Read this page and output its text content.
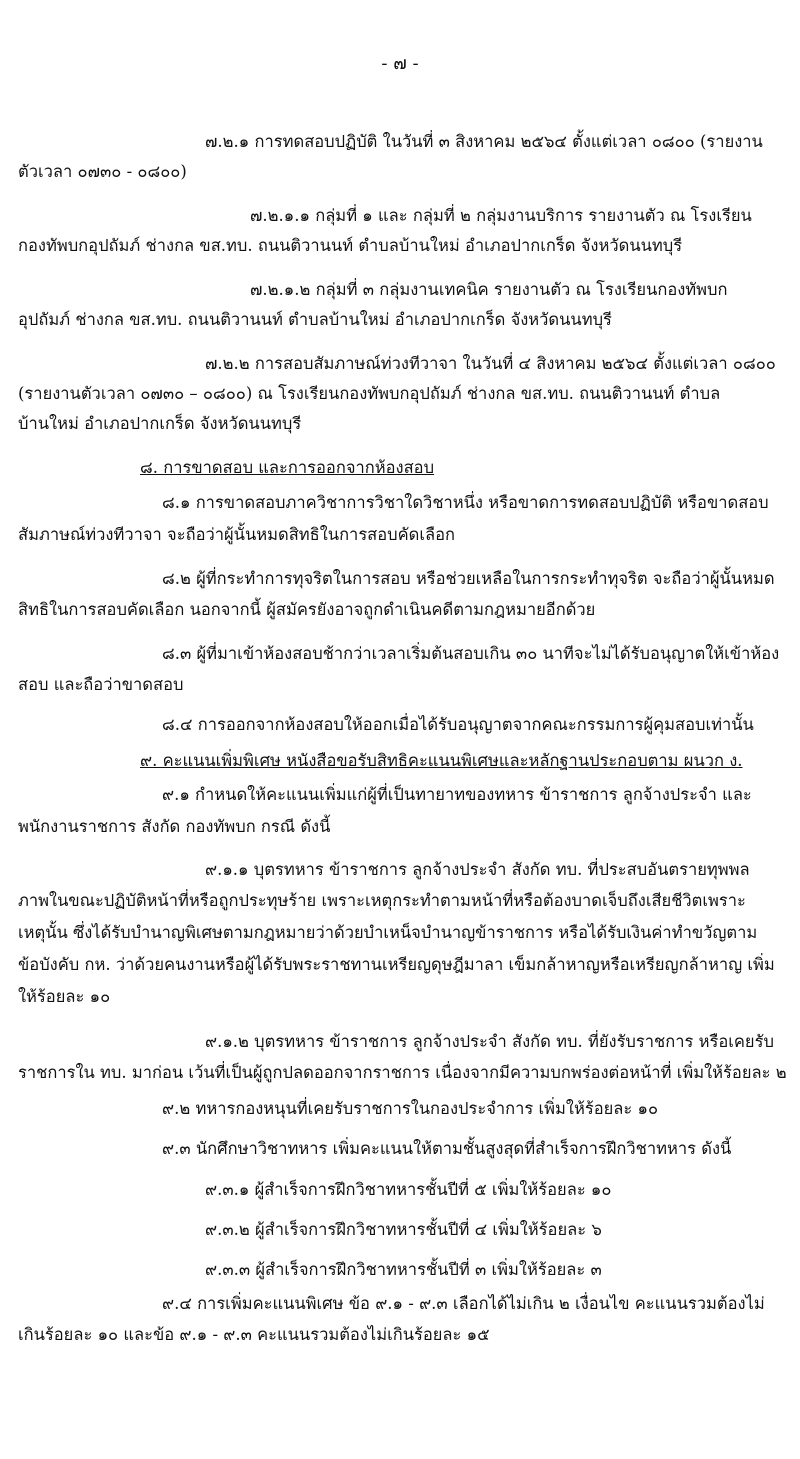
- ๗ -
๗.๒.๑ การทดสอบปฏิบัติ ในวันที่ ๓ สิงหาคม ๒๕๖๔ ตั้งแต่เวลา ๐๘๐๐ (รายงาน
ตัวเวลา ๐๗๓๐ - ๐๘๐๐)
๗.๒.๑.๑ กลุ่มที่ ๑ และ กลุ่มที่ ๒ กลุ่มงานบริการ รายงานตัว ณ โรงเรียน
กองทัพบกอุปถัมภ์ ช่างกล ขส.ทบ. ถนนติวานนท์ ตำบลบ้านใหม่ อำเภอปากเกร็ด จังหวัดนนทบุรี
๗.๒.๑.๒ กลุ่มที่ ๓ กลุ่มงานเทคนิค รายงานตัว ณ โรงเรียนกองทัพบก
อุปถัมภ์ ช่างกล ขส.ทบ. ถนนติวานนท์ ตำบลบ้านใหม่ อำเภอปากเกร็ด จังหวัดนนทบุรี
๗.๒.๒ การสอบสัมภาษณ์ท่วงทีวาจา ในวันที่ ๔ สิงหาคม ๒๕๖๔ ตั้งแต่เวลา ๐๘๐๐
(รายงานตัวเวลา ๐๗๓๐ – ๐๘๐๐) ณ โรงเรียนกองทัพบกอุปถัมภ์ ช่างกล ขส.ทบ. ถนนติวานนท์ ตำบล
บ้านใหม่ อำเภอปากเกร็ด จังหวัดนนทบุรี
๘. การขาดสอบ และการออกจากห้องสอบ
๘.๑ การขาดสอบภาควิชาการวิชาใดวิชาหนึ่ง หรือขาดการทดสอบปฏิบัติ หรือขาดสอบ
สัมภาษณ์ท่วงทีวาจา จะถือว่าผู้นั้นหมดสิทธิในการสอบคัดเลือก
๘.๒ ผู้ที่กระทำการทุจริตในการสอบ หรือช่วยเหลือในการกระทำทุจริต จะถือว่าผู้นั้นหมด
สิทธิในการสอบคัดเลือก นอกจากนี้ ผู้สมัครยังอาจถูกดำเนินคดีตามกฎหมายอีกด้วย
๘.๓ ผู้ที่มาเข้าห้องสอบช้ากว่าเวลาเริ่มต้นสอบเกิน ๓๐ นาทีจะไม่ได้รับอนุญาตให้เข้าห้อง
สอบ และถือว่าขาดสอบ
๘.๔ การออกจากห้องสอบให้ออกเมื่อได้รับอนุญาตจากคณะกรรมการผู้คุมสอบเท่านั้น
๙. คะแนนเพิ่มพิเศษ หนังสือขอรับสิทธิคะแนนพิเศษและหลักฐานประกอบตาม ผนวก ง.
๙.๑ กำหนดให้คะแนนเพิ่มแก่ผู้ที่เป็นทายาทของทหาร ข้าราชการ ลูกจ้างประจำ และ
พนักงานราชการ สังกัด กองทัพบก กรณี ดังนี้
๙.๑.๑ บุตรทหาร ข้าราชการ ลูกจ้างประจำ สังกัด ทบ. ที่ประสบอันตรายทุพพล
ภาพในขณะปฏิบัติหน้าที่หรือถูกประทุษร้าย เพราะเหตุกระทำตามหน้าที่หรือต้องบาดเจ็บถึงเสียชีวิตเพราะ
เหตุนั้น ซึ่งได้รับบำนาญพิเศษตามกฎหมายว่าด้วยบำเหน็จบำนาญข้าราชการ หรือได้รับเงินค่าทำขวัญตาม
ข้อบังคับ กห. ว่าด้วยคนงานหรือผู้ได้รับพระราชทานเหรียญดุษฎีมาลา เข็มกล้าหาญหรือเหรียญกล้าหาญ เพิ่ม
ให้ร้อยละ ๑๐
๙.๑.๒ บุตรทหาร ข้าราชการ ลูกจ้างประจำ สังกัด ทบ. ที่ยังรับราชการ หรือเคยรับ
ราชการใน ทบ. มาก่อน เว้นที่เป็นผู้ถูกปลดออกจากราชการ เนื่องจากมีความบกพร่องต่อหน้าที่ เพิ่มให้ร้อยละ ๒
๙.๒ ทหารกองหนุนที่เคยรับราชการในกองประจำการ เพิ่มให้ร้อยละ ๑๐
๙.๓ นักศึกษาวิชาทหาร เพิ่มคะแนนให้ตามชั้นสูงสุดที่สำเร็จการฝึกวิชาทหาร ดังนี้
๙.๓.๑ ผู้สำเร็จการฝึกวิชาทหารชั้นปีที่ ๕ เพิ่มให้ร้อยละ ๑๐
๙.๓.๒ ผู้สำเร็จการฝึกวิชาทหารชั้นปีที่ ๔ เพิ่มให้ร้อยละ ๖
๙.๓.๓ ผู้สำเร็จการฝึกวิชาทหารชั้นปีที่ ๓ เพิ่มให้ร้อยละ ๓
๙.๔ การเพิ่มคะแนนพิเศษ ข้อ ๙.๑ - ๙.๓ เลือกได้ไม่เกิน ๒ เงื่อนไข คะแนนรวมต้องไม่
เกินร้อยละ ๑๐ และข้อ ๙.๑ - ๙.๓ คะแนนรวมต้องไม่เกินร้อยละ ๑๕
